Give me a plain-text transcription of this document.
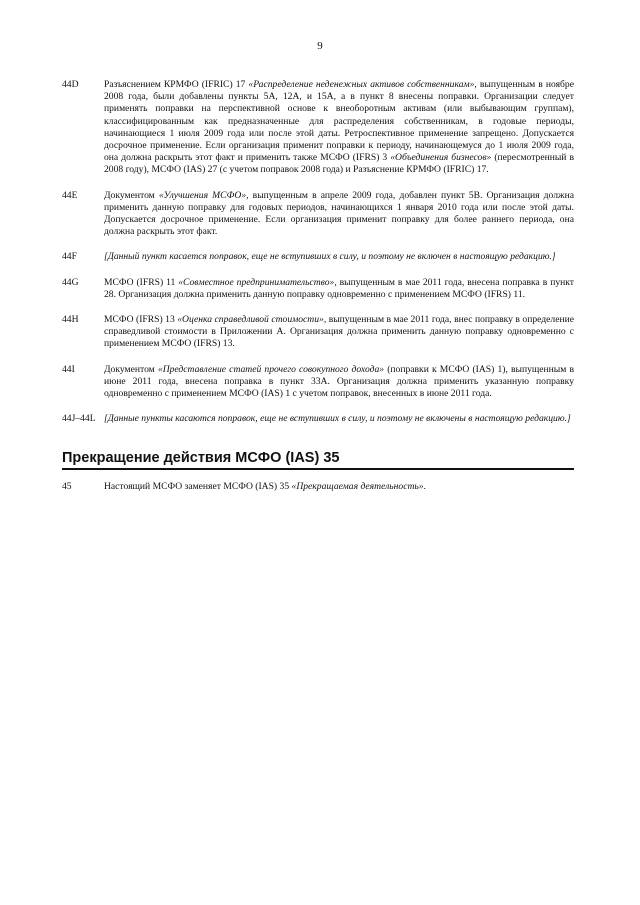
9
44D	Разъяснением КРМФО (IFRIC) 17 «Распределение неденежных активов собственникам», выпущенным в ноябре 2008 года, были добавлены пункты 5А, 12А, и 15А, а в пункт 8 внесены поправки. Организации следует применять поправки на перспективной основе к внеоборотным активам (или выбывающим группам), классифицированным как предназначенные для распределения собственникам, в годовые периоды, начинающиеся 1 июля 2009 года или после этой даты. Ретроспективное применение запрещено. Допускается досрочное применение. Если организация применит поправки к периоду, начинающемуся до 1 июля 2009 года, она должна раскрыть этот факт и применить также МСФО (IFRS) 3 «Объединения бизнесов» (пересмотренный в 2008 году), МСФО (IAS) 27 (с учетом поправок 2008 года) и Разъяснение КРМФО (IFRIC) 17.
44E	Документом «Улучшения МСФО», выпущенным в апреле 2009 года, добавлен пункт 5B. Организация должна применить данную поправку для годовых периодов, начинающихся 1 января 2010 года или после этой даты. Допускается досрочное применение. Если организация применит поправку для более раннего периода, она должна раскрыть этот факт.
44F	[Данный пункт касается поправок, еще не вступивших в силу, и поэтому не включен в настоящую редакцию.]
44G	МСФО (IFRS) 11 «Совместное предпринимательство», выпущенным в мае 2011 года, внесена поправка в пункт 28. Организация должна применить данную поправку одновременно с применением МСФО (IFRS) 11.
44H	МСФО (IFRS) 13 «Оценка справедливой стоимости», выпущенным в мае 2011 года, внес поправку в определение справедливой стоимости в Приложении А. Организация должна применить данную поправку одновременно с применением МСФО (IFRS) 13.
44I	Документом «Представление статей прочего совокупного дохода» (поправки к МСФО (IAS) 1), выпущенным в июне 2011 года, внесена поправка в пункт 33А. Организация должна применить указанную поправку одновременно с применением МСФО (IAS) 1 с учетом поправок, внесенных в июне 2011 года.
44J–44L [Данные пункты касаются поправок, еще не вступивших в силу, и поэтому не включены в настоящую редакцию.]
Прекращение действия МСФО (IAS) 35
45	Настоящий МСФО заменяет МСФО (IAS) 35 «Прекращаемая деятельность».
